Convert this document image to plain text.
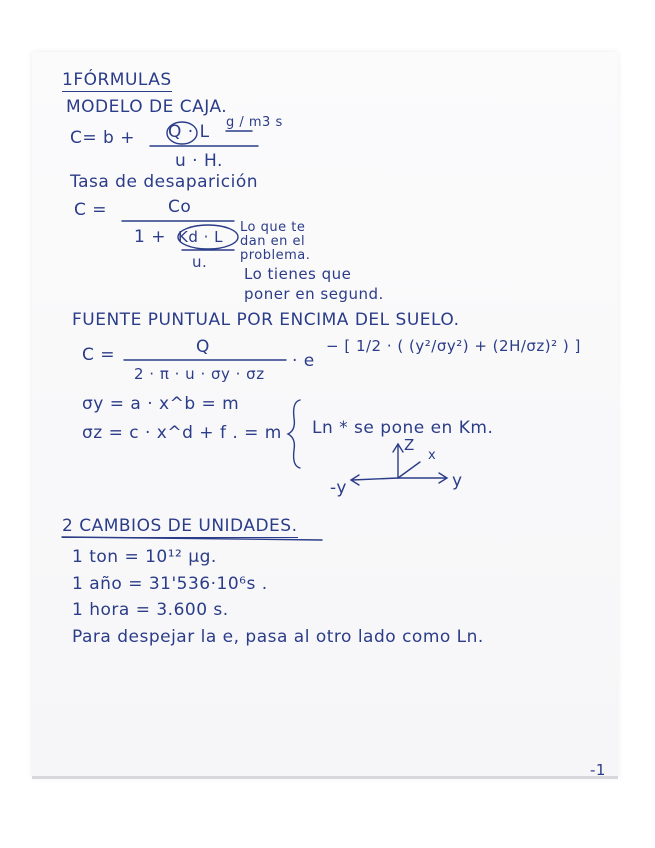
1FÓRMULAS
MODELO DE CAJA.
C= b + Q · L g / m3 s
u · H.
Tasa de desaparición
C =	Co
1 + Kd · L
u.
Lo que te
dan en el
problema.
Lo tienes que
poner en segund.
FUENTE PUNTUAL POR ENCIMA DEL SUELO.
C =	Q
2 · π · u · σy · σz
· e
− [ 1/2 · ( (y²/σy²) + (2H/σz)² ) ]
σy = a · x^b = m
σz = c · x^d + f . = m Ln * se pone en Km.
Z
x
y
-y
2 CAMBIOS DE UNIDADES.
1 ton = 10¹² µg.
1 año = 31'536·10⁶s .
1 hora = 3.600 s.
Para despejar la e, pasa al otro lado como Ln.
-1
